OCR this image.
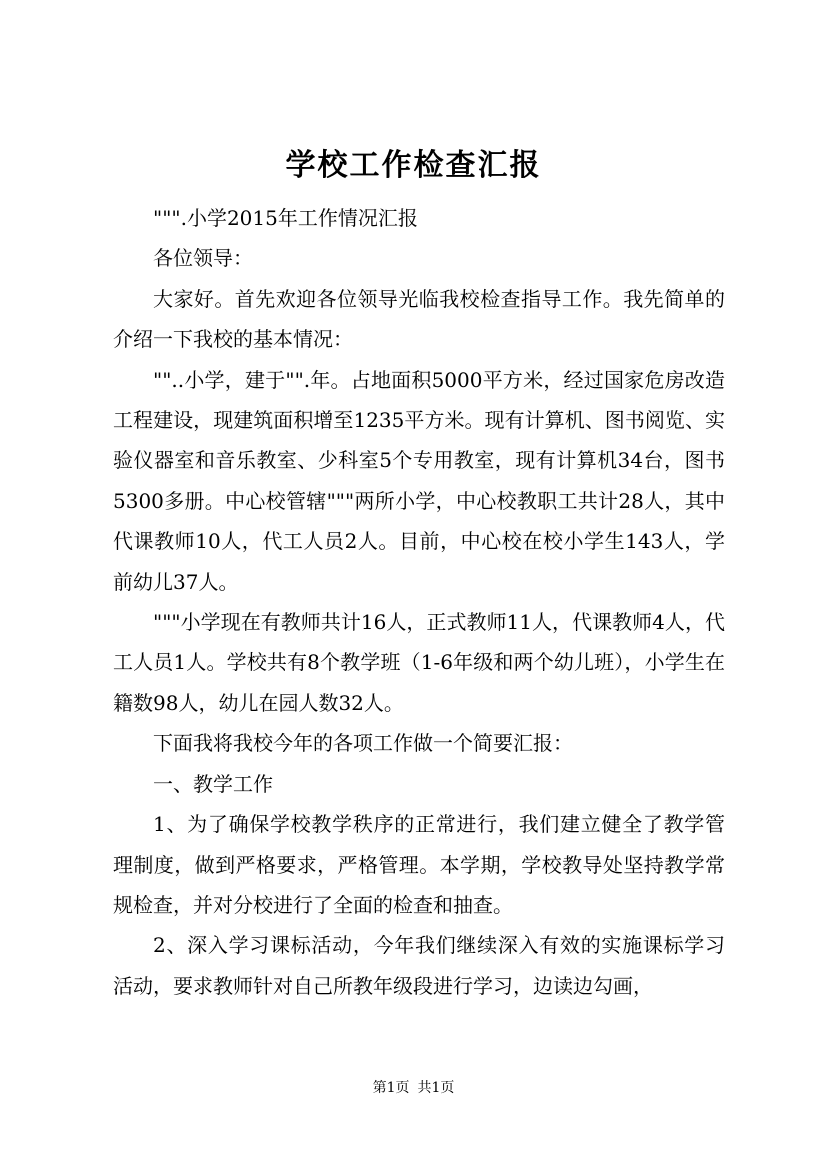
学校工作检查汇报

""".小学2015年工作情况汇报

各位领导：

大家好。首先欢迎各位领导光临我校检查指导工作。我先简单的介绍一下我校的基本情况：

""..小学，建于"".年。占地面积5000平方米，经过国家危房改造工程建设，现建筑面积增至1235平方米。现有计算机、图书阅览、实验仪器室和音乐教室、少科室5个专用教室，现有计算机34台，图书5300多册。中心校管辖"""两所小学，中心校教职工共计28人，其中代课教师10人，代工人员2人。目前，中心校在校小学生143人，学前幼儿37人。

"""小学现在有教师共计16人，正式教师11人，代课教师4人，代工人员1人。学校共有8个教学班（1-6年级和两个幼儿班），小学生在籍数98人，幼儿在园人数32人。

下面我将我校今年的各项工作做一个简要汇报：

一、教学工作

1、为了确保学校教学秩序的正常进行，我们建立健全了教学管理制度，做到严格要求，严格管理。本学期，学校教导处坚持教学常规检查，并对分校进行了全面的检查和抽查。

2、深入学习课标活动，今年我们继续深入有效的实施课标学习活动，要求教师针对自己所教年级段进行学习，边读边勾画，

第1页 共1页
